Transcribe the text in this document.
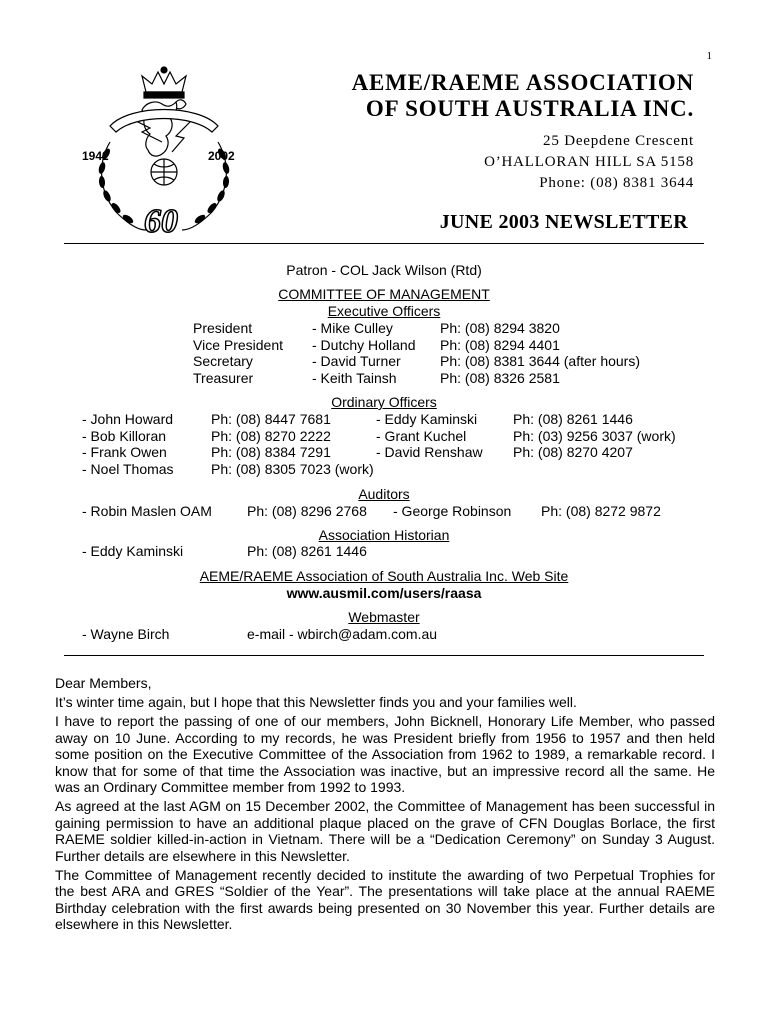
1
1942	2002
60
AEME/RAEME ASSOCIATION
OF SOUTH AUSTRALIA INC.
25 Deepdene Crescent
O’HALLORAN HILL SA 5158
Phone: (08) 8381 3644
JUNE 2003 NEWSLETTER
Patron - COL Jack Wilson (Rtd)
COMMITTEE OF MANAGEMENT
Executive Officers
President	- Mike Culley	Ph: (08) 8294 3820
Vice President - Dutchy Holland Ph: (08) 8294 4401
Secretary	- David Turner	Ph: (08) 8381 3644 (after hours)
Treasurer	- Keith Tainsh	Ph: (08) 8326 2581
Ordinary Officers
- John Howard	Ph: (08) 8447 7681	- Eddy Kaminski	Ph: (08) 8261 1446
- Bob Killoran	Ph: (08) 8270 2222	- Grant Kuchel	Ph: (03) 9256 3037 (work)
- Frank Owen	Ph: (08) 8384 7291	- David Renshaw Ph: (08) 8270 4207
- Noel Thomas	Ph: (08) 8305 7023 (work)
Auditors
- Robin Maslen OAM	Ph: (08) 8296 2768 - George Robinson Ph: (08) 8272 9872
Association Historian
- Eddy Kaminski	Ph: (08) 8261 1446
AEME/RAEME Association of South Australia Inc. Web Site
www.ausmil.com/users/raasa
Webmaster
- Wayne Birch	e-mail - wbirch@adam.com.au

Dear Members,

It’s winter time again, but I hope that this Newsletter finds you and your families well.

I have to report the passing of one of our members, John Bicknell, Honorary Life Member, who passed away on 10 June. According to my records, he was President briefly from 1956 to 1957 and then held some position on the Executive Committee of the Association from 1962 to 1989, a remarkable record. I know that for some of that time the Association was inactive, but an impressive record all the same. He was an Ordinary Committee member from 1992 to 1993.

As agreed at the last AGM on 15 December 2002, the Committee of Management has been successful in gaining permission to have an additional plaque placed on the grave of CFN Douglas Borlace, the first RAEME soldier killed-in-action in Vietnam. There will be a “Dedication Ceremony” on Sunday 3 August. Further details are elsewhere in this Newsletter.

The Committee of Management recently decided to institute the awarding of two Perpetual Trophies for the best ARA and GRES “Soldier of the Year”. The presentations will take place at the annual RAEME Birthday celebration with the first awards being presented on 30 November this year. Further details are elsewhere in this Newsletter.
